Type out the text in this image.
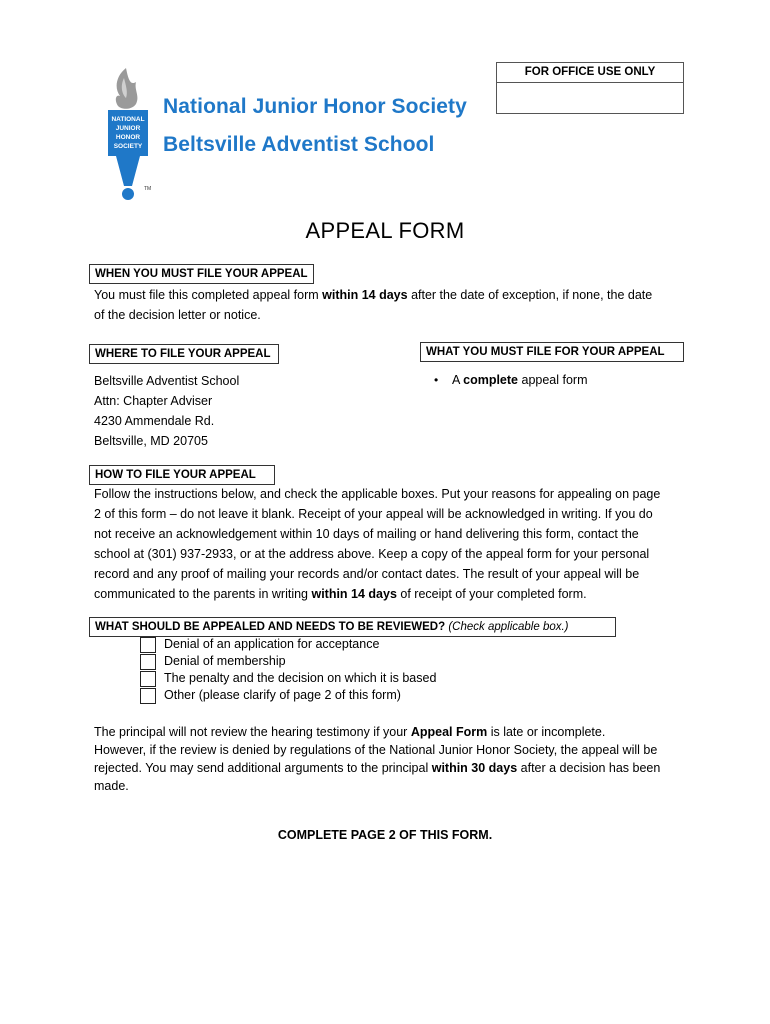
FOR OFFICE USE ONLY
NATIONAL
JUNIOR
HONOR
SOCIETY
TM
National Junior Honor Society
Beltsville Adventist School
APPEAL FORM
WHEN YOU MUST FILE YOUR APPEAL
You must file this completed appeal form within 14 days after the date of exception, if none, the date
of the decision letter or notice.
WHERE TO FILE YOUR APPEAL
Beltsville Adventist School
Attn: Chapter Adviser
4230 Ammendale Rd.
Beltsville, MD 20705
WHAT YOU MUST FILE FOR YOUR APPEAL
• A complete appeal form
HOW TO FILE YOUR APPEAL
Follow the instructions below, and check the applicable boxes. Put your reasons for appealing on page
2 of this form – do not leave it blank. Receipt of your appeal will be acknowledged in writing. If you do
not receive an acknowledgement within 10 days of mailing or hand delivering this form, contact the
school at (301) 937-2933, or at the address above. Keep a copy of the appeal form for your personal
record and any proof of mailing your records and/or contact dates. The result of your appeal will be
communicated to the parents in writing within 14 days of receipt of your completed form.
WHAT SHOULD BE APPEALED AND NEEDS TO BE REVIEWED? (Check applicable box.)
Denial of an application for acceptance
Denial of membership
The penalty and the decision on which it is based
Other (please clarify of page 2 of this form)
The principal will not review the hearing testimony if your Appeal Form is late or incomplete.
However, if the review is denied by regulations of the National Junior Honor Society, the appeal will be
rejected. You may send additional arguments to the principal within 30 days after a decision has been
made.
COMPLETE PAGE 2 OF THIS FORM.
